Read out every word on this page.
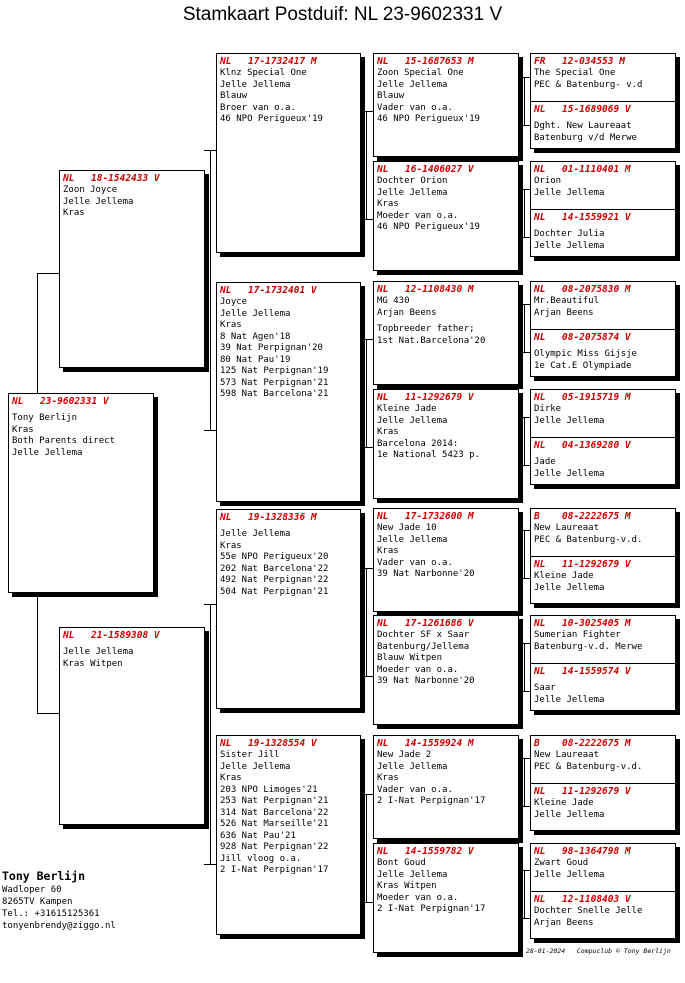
Stamkaart Postduif: NL 23-9602331 V
NL 23-9602331 V
Tony Berlijn
Kras
Both Parents direct
Jelle Jellema
NL 18-1542433 V
Zoon Joyce
Jelle Jellema
Kras
NL 21-1589308 V
Jelle Jellema
Kras Witpen
NL 17-1732417 M
Klnz Special One
Jelle Jellema
Blauw
Broer van o.a.
46 NPO Perigueux'19
NL 17-1732401 V
Joyce
Jelle Jellema
Kras
8 Nat Agen'18
39 Nat Perpignan'20
80 Nat Pau'19
125 Nat Perpignan'19
573 Nat Perpignan'21
598 Nat Barcelona'21
NL 19-1328336 M
Jelle Jellema
Kras
55e NPO Perigueux'20
202 Nat Barcelona'22
492 Nat Perpignan'22
504 Nat Perpignan'21
NL 19-1328554 V
Sister Jill
Jelle Jellema
Kras
203 NPO Limoges'21
253 Nat Perpignan'21
314 Nat Barcelona'22
526 Nat Marseille'21
636 Nat Pau'21
928 Nat Perpignan'22
Jill vloog o.a.
2 I-Nat Perpignan'17
NL 15-1687653 M
Zoon Special One
Jelle Jellema
Blauw
Vader van o.a.
46 NPO Perigueux'19
NL 16-1406027 V
Dochter Orion
Jelle Jellema
Kras
Moeder van o.a.
46 NPO Perigueux'19
NL 12-1108430 M
MG 430
Arjan Beens
Topbreeder father;
1st Nat.Barcelona'20
NL 11-1292679 V
Kleine Jade
Jelle Jellema
Kras
Barcelona 2014:
1e National 5423 p.
NL 17-1732600 M
New Jade 10
Jelle Jellema
Kras
Vader van o.a.
39 Nat Narbonne'20
NL 17-1261686 V
Dochter SF x Saar
Batenburg/Jellema
Blauw Witpen
Moeder van o.a.
39 Nat Narbonne'20
NL 14-1559924 M
New Jade 2
Jelle Jellema
Kras
Vader van o.a.
2 I-Nat Perpignan'17
NL 14-1559782 V
Bont Goud
Jelle Jellema
Kras Witpen
Moeder van o.a.
2 I-Nat Perpignan'17
FR 12-034553 M
The Special One
PEC & Batenburg- v.d
NL 15-1689069 V
Dght. New Laureaat
Batenburg v/d Merwe
NL 01-1110401 M
Orion
Jelle Jellema
NL 14-1559921 V
Dochter Julia
Jelle Jellema
NL 08-2075830 M
Mr.Beautiful
Arjan Beens
NL 08-2075874 V
Olympic Miss Gijsje
1e Cat.E Olympiade
NL 05-1915719 M
Dirke
Jelle Jellema
NL 04-1369280 V
Jade
Jelle Jellema
B 08-2222675 M
New Laureaat
PEC & Batenburg-v.d.
NL 11-1292679 V
Kleine Jade
Jelle Jellema
NL 10-3025405 M
Sumerian Fighter
Batenburg-v.d. Merwe
NL 14-1559574 V
Saar
Jelle Jellema
B 08-2222675 M
New Laureaat
PEC & Batenburg-v.d.
NL 11-1292679 V
Kleine Jade
Jelle Jellema
NL 98-1364798 M
Zwart Goud
Jelle Jellema
NL 12-1108403 V
Dochter Snelle Jelle
Arjan Beens
Tony Berlijn
Wadloper 60
8265TV Kampen
Tel.: +31615125361
tonyenbrendy@ziggo.nl
28-01-2024   Compuclub © Tony Berlijn
